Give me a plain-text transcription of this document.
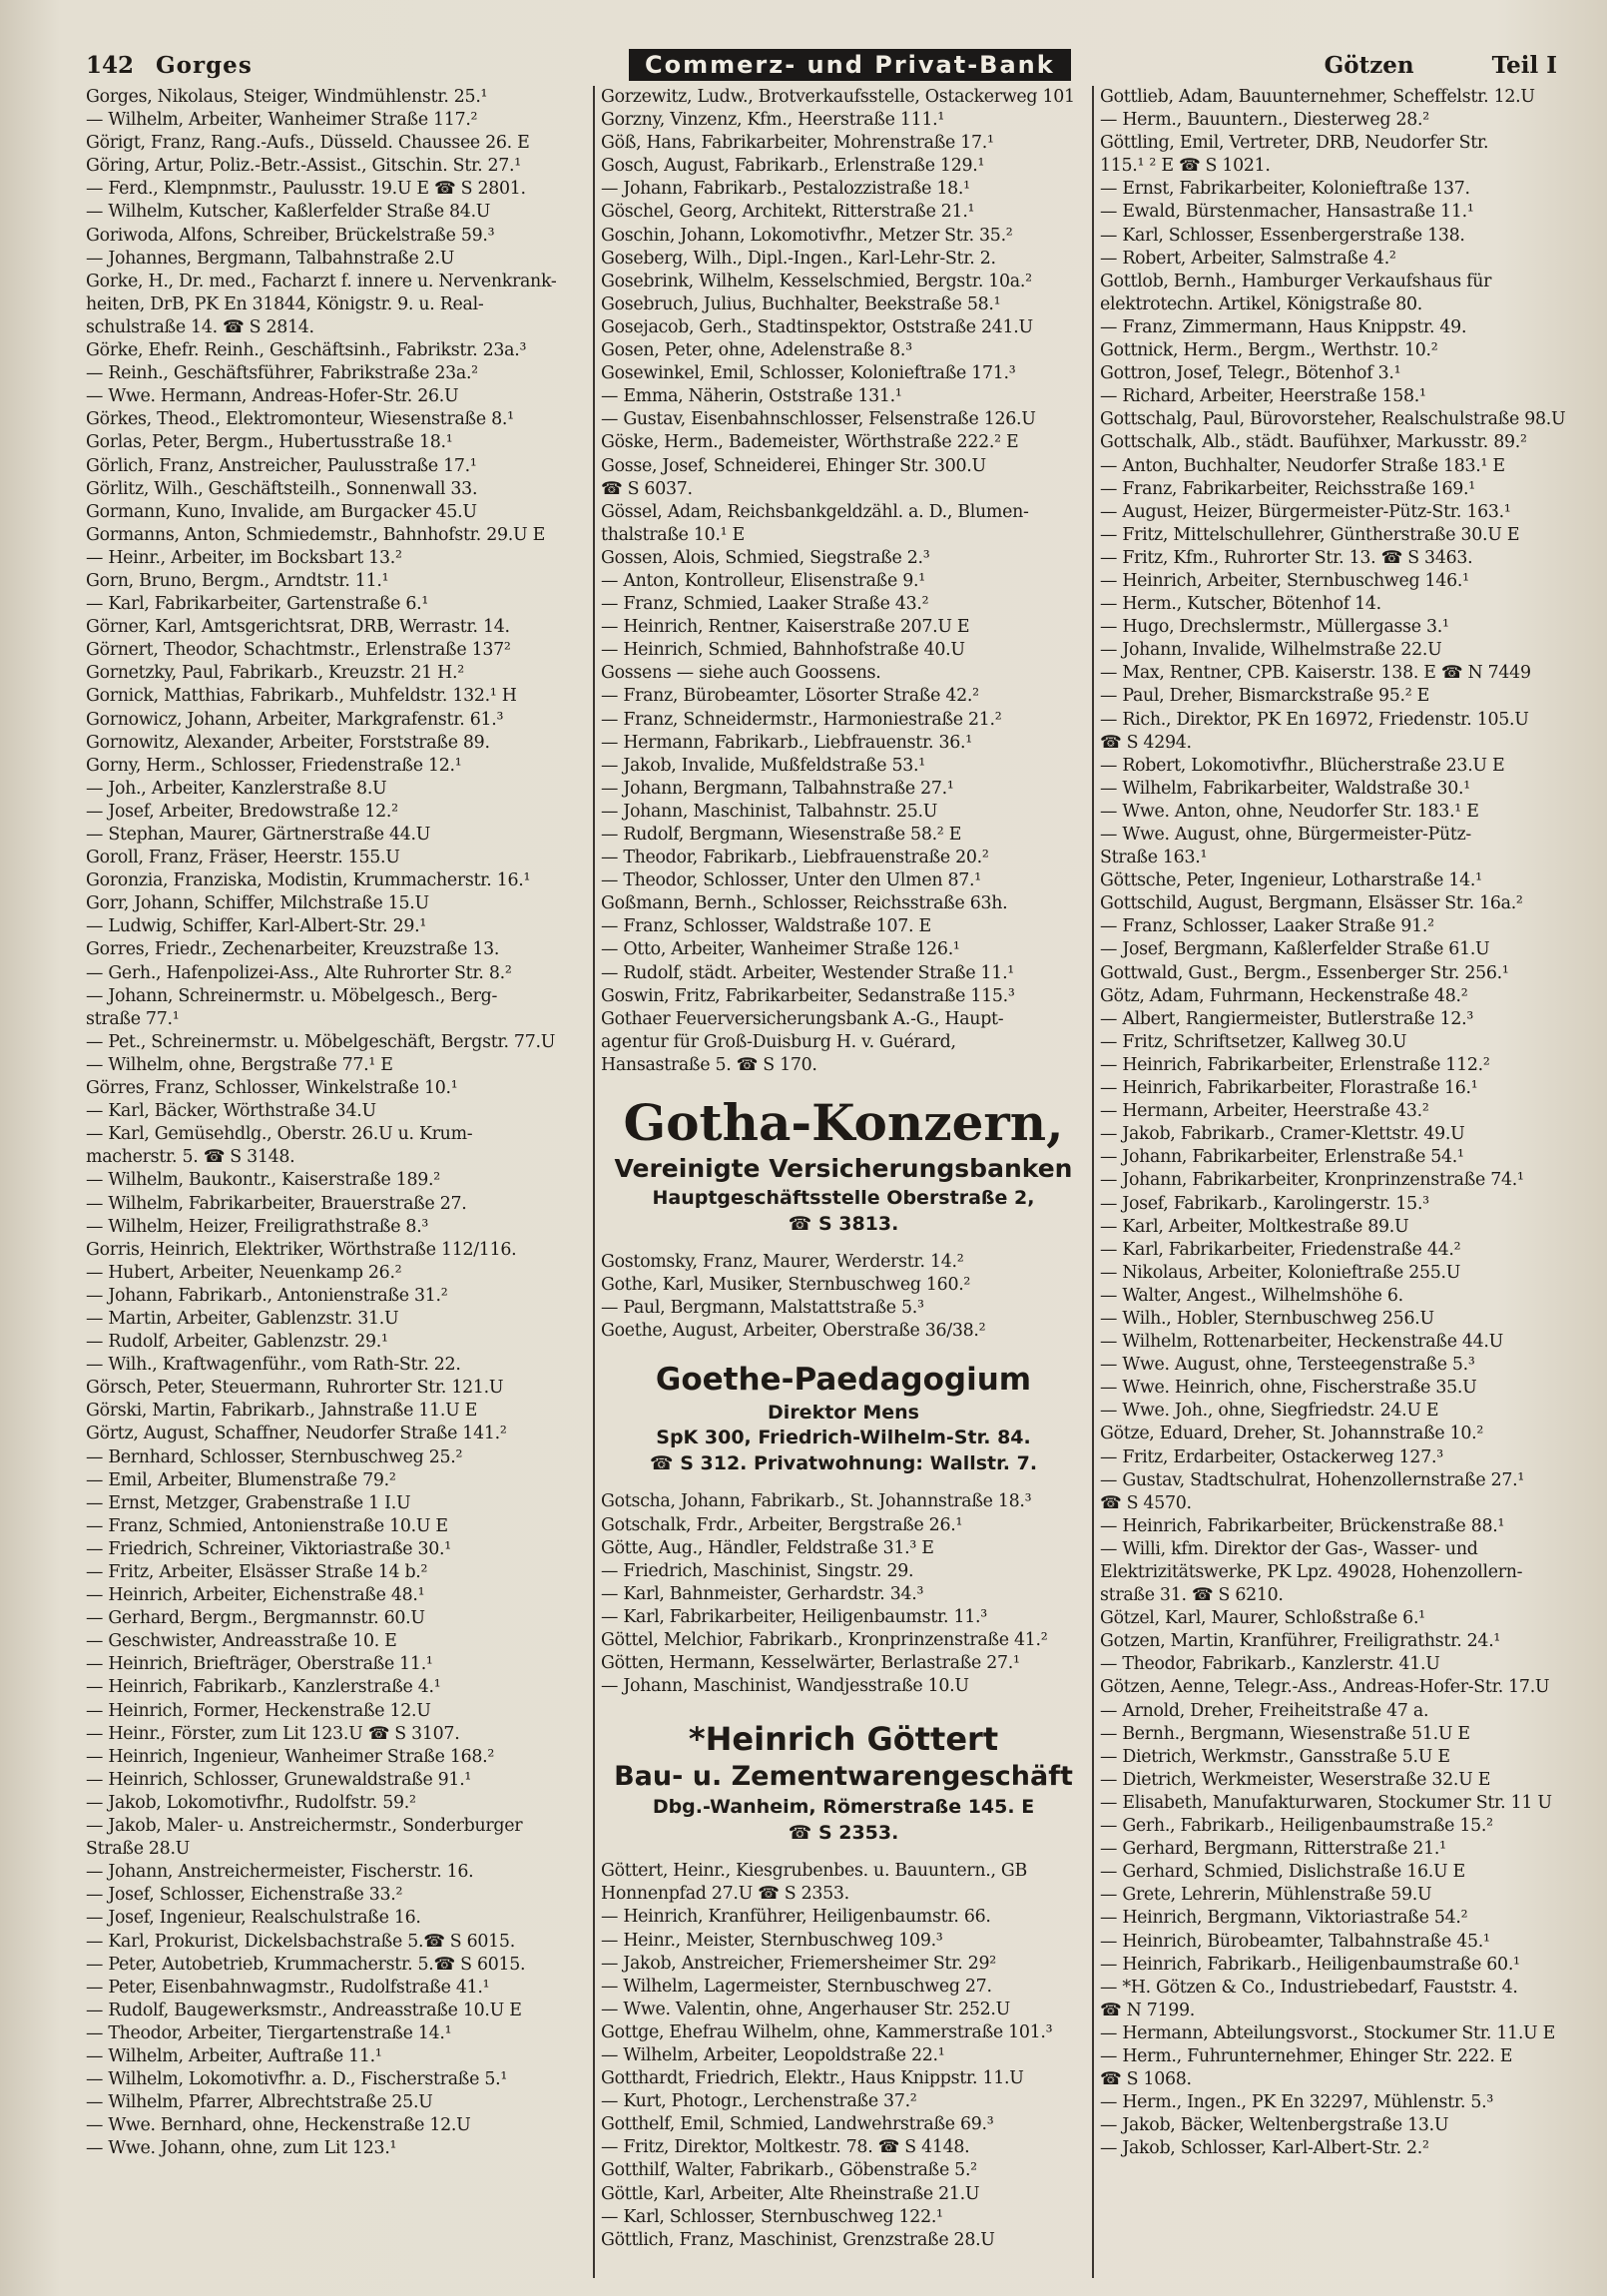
142 Gorges	Commerz- und Privat-Bank	Götzen	Teil I
Gorges, Nikolaus, Steiger, Windmühlenstr. 25.¹
— Wilhelm, Arbeiter, Wanheimer Straße 117.²
Görigt, Franz, Rang.-Aufs., Düsseld. Chaussee 26. E
Göring, Artur, Poliz.-Betr.-Assist., Gitschin. Str. 27.¹
— Ferd., Klempnmstr., Paulusstr. 19.U E ☎ S 2801.
— Wilhelm, Kutscher, Kaßlerfelder Straße 84.U
Goriwoda, Alfons, Schreiber, Brückelstraße 59.³
— Johannes, Bergmann, Talbahnstraße 2.U
Gorke, H., Dr. med., Facharzt f. innere u. Nervenkrank-
heiten, DrB, PK En 31844, Königstr. 9. u. Real-
schulstraße 14. ☎ S 2814.
Görke, Ehefr. Reinh., Geschäftsinh., Fabrikstr. 23a.³
— Reinh., Geschäftsführer, Fabrikstraße 23a.²
— Wwe. Hermann, Andreas-Hofer-Str. 26.U
Görkes, Theod., Elektromonteur, Wiesenstraße 8.¹
Gorlas, Peter, Bergm., Hubertusstraße 18.¹
Görlich, Franz, Anstreicher, Paulusstraße 17.¹
Görlitz, Wilh., Geschäftsteilh., Sonnenwall 33.
Gormann, Kuno, Invalide, am Burgacker 45.U
Gormanns, Anton, Schmiedemstr., Bahnhofstr. 29.U E
— Heinr., Arbeiter, im Bocksbart 13.²
Gorn, Bruno, Bergm., Arndtstr. 11.¹
— Karl, Fabrikarbeiter, Gartenstraße 6.¹
Görner, Karl, Amtsgerichtsrat, DRB, Werrastr. 14.
Görnert, Theodor, Schachtmstr., Erlenstraße 137²
Gornetzky, Paul, Fabrikarb., Kreuzstr. 21 H.²
Gornick, Matthias, Fabrikarb., Muhfeldstr. 132.¹ H
Gornowicz, Johann, Arbeiter, Markgrafenstr. 61.³
Gornowitz, Alexander, Arbeiter, Forststraße 89.
Gorny, Herm., Schlosser, Friedenstraße 12.¹
— Joh., Arbeiter, Kanzlerstraße 8.U
— Josef, Arbeiter, Bredowstraße 12.²
— Stephan, Maurer, Gärtnerstraße 44.U
Goroll, Franz, Fräser, Heerstr. 155.U
Goronzia, Franziska, Modistin, Krummacherstr. 16.¹
Gorr, Johann, Schiffer, Milchstraße 15.U
— Ludwig, Schiffer, Karl-Albert-Str. 29.¹
Gorres, Friedr., Zechenarbeiter, Kreuzstraße 13.
— Gerh., Hafenpolizei-Ass., Alte Ruhrorter Str. 8.²
— Johann, Schreinermstr. u. Möbelgesch., Berg-
straße 77.¹
— Pet., Schreinermstr. u. Möbelgeschäft, Bergstr. 77.U
— Wilhelm, ohne, Bergstraße 77.¹ E
Görres, Franz, Schlosser, Winkelstraße 10.¹
— Karl, Bäcker, Wörthstraße 34.U
— Karl, Gemüsehdlg., Oberstr. 26.U u. Krum-
macherstr. 5. ☎ S 3148.
— Wilhelm, Baukontr., Kaiserstraße 189.²
— Wilhelm, Fabrikarbeiter, Brauerstraße 27.
— Wilhelm, Heizer, Freiligrathstraße 8.³
Gorris, Heinrich, Elektriker, Wörthstraße 112/116.
— Hubert, Arbeiter, Neuenkamp 26.²
— Johann, Fabrikarb., Antonienstraße 31.²
— Martin, Arbeiter, Gablenzstr. 31.U
— Rudolf, Arbeiter, Gablenzstr. 29.¹
— Wilh., Kraftwagenführ., vom Rath-Str. 22.
Görsch, Peter, Steuermann, Ruhrorter Str. 121.U
Görski, Martin, Fabrikarb., Jahnstraße 11.U E
Görtz, August, Schaffner, Neudorfer Straße 141.²
— Bernhard, Schlosser, Sternbuschweg 25.²
— Emil, Arbeiter, Blumenstraße 79.²
— Ernst, Metzger, Grabenstraße 1 I.U
— Franz, Schmied, Antonienstraße 10.U E
— Friedrich, Schreiner, Viktoriastraße 30.¹
— Fritz, Arbeiter, Elsässer Straße 14 b.²
— Heinrich, Arbeiter, Eichenstraße 48.¹
— Gerhard, Bergm., Bergmannstr. 60.U
— Geschwister, Andreasstraße 10. E
— Heinrich, Briefträger, Oberstraße 11.¹
— Heinrich, Fabrikarb., Kanzlerstraße 4.¹
— Heinrich, Former, Heckenstraße 12.U
— Heinr., Förster, zum Lit 123.U ☎ S 3107.
— Heinrich, Ingenieur, Wanheimer Straße 168.²
— Heinrich, Schlosser, Grunewaldstraße 91.¹
— Jakob, Lokomotivfhr., Rudolfstr. 59.²
— Jakob, Maler- u. Anstreichermstr., Sonderburger
Straße 28.U
— Johann, Anstreichermeister, Fischerstr. 16.
— Josef, Schlosser, Eichenstraße 33.²
— Josef, Ingenieur, Realschulstraße 16.
— Karl, Prokurist, Dickelsbachstraße 5.☎ S 6015.
— Peter, Autobetrieb, Krummacherstr. 5.☎ S 6015.
— Peter, Eisenbahnwagmstr., Rudolfstraße 41.¹
— Rudolf, Baugewerksmstr., Andreasstraße 10.U E
— Theodor, Arbeiter, Tiergartenstraße 14.¹
— Wilhelm, Arbeiter, Auftraße 11.¹
— Wilhelm, Lokomotivfhr. a. D., Fischerstraße 5.¹
— Wilhelm, Pfarrer, Albrechtstraße 25.U
— Wwe. Bernhard, ohne, Heckenstraße 12.U
— Wwe. Johann, ohne, zum Lit 123.¹
Gorzewitz, Ludw., Brotverkaufsstelle, Ostackerweg 101
Gorzny, Vinzenz, Kfm., Heerstraße 111.¹
Göß, Hans, Fabrikarbeiter, Mohrenstraße 17.¹
Gosch, August, Fabrikarb., Erlenstraße 129.¹
— Johann, Fabrikarb., Pestalozzistraße 18.¹
Göschel, Georg, Architekt, Ritterstraße 21.¹
Goschin, Johann, Lokomotivfhr., Metzer Str. 35.²
Goseberg, Wilh., Dipl.-Ingen., Karl-Lehr-Str. 2.
Gosebrink, Wilhelm, Kesselschmied, Bergstr. 10a.²
Gosebruch, Julius, Buchhalter, Beekstraße 58.¹
Gosejacob, Gerh., Stadtinspektor, Oststraße 241.U
Gosen, Peter, ohne, Adelenstraße 8.³
Gosewinkel, Emil, Schlosser, Kolonieftraße 171.³
— Emma, Näherin, Oststraße 131.¹
— Gustav, Eisenbahnschlosser, Felsenstraße 126.U
Göske, Herm., Bademeister, Wörthstraße 222.² E
Gosse, Josef, Schneiderei, Ehinger Str. 300.U
☎ S 6037.
Gössel, Adam, Reichsbankgeldzähl. a. D., Blumen-
thalstraße 10.¹ E
Gossen, Alois, Schmied, Siegstraße 2.³
— Anton, Kontrolleur, Elisenstraße 9.¹
— Franz, Schmied, Laaker Straße 43.²
— Heinrich, Rentner, Kaiserstraße 207.U E
— Heinrich, Schmied, Bahnhofstraße 40.U
Gossens — siehe auch Goossens.
— Franz, Bürobeamter, Lösorter Straße 42.²
— Franz, Schneidermstr., Harmoniestraße 21.²
— Hermann, Fabrikarb., Liebfrauenstr. 36.¹
— Jakob, Invalide, Mußfeldstraße 53.¹
— Johann, Bergmann, Talbahnstraße 27.¹
— Johann, Maschinist, Talbahnstr. 25.U
— Rudolf, Bergmann, Wiesenstraße 58.² E
— Theodor, Fabrikarb., Liebfrauenstraße 20.²
— Theodor, Schlosser, Unter den Ulmen 87.¹
Goßmann, Bernh., Schlosser, Reichsstraße 63h.
— Franz, Schlosser, Waldstraße 107. E
— Otto, Arbeiter, Wanheimer Straße 126.¹
— Rudolf, städt. Arbeiter, Westender Straße 11.¹
Goswin, Fritz, Fabrikarbeiter, Sedanstraße 115.³
Gothaer Feuerversicherungsbank A.-G., Haupt-
agentur für Groß-Duisburg H. v. Guérard,
Hansastraße 5. ☎ S 170.
Gotha-Konzern,
Vereinigte Versicherungsbanken
Hauptgeschäftsstelle Oberstraße 2,
☎ S 3813.
Gostomsky, Franz, Maurer, Werderstr. 14.²
Gothe, Karl, Musiker, Sternbuschweg 160.²
— Paul, Bergmann, Malstattstraße 5.³
Goethe, August, Arbeiter, Oberstraße 36/38.²
Goethe-Paedagogium
Direktor Mens
SpK 300, Friedrich-Wilhelm-Str. 84.
☎ S 312. Privatwohnung: Wallstr. 7.
Gotscha, Johann, Fabrikarb., St. Johannstraße 18.³
Gotschalk, Frdr., Arbeiter, Bergstraße 26.¹
Götte, Aug., Händler, Feldstraße 31.³ E
— Friedrich, Maschinist, Singstr. 29.
— Karl, Bahnmeister, Gerhardstr. 34.³
— Karl, Fabrikarbeiter, Heiligenbaumstr. 11.³
Göttel, Melchior, Fabrikarb., Kronprinzenstraße 41.²
Götten, Hermann, Kesselwärter, Berlastraße 27.¹
— Johann, Maschinist, Wandjesstraße 10.U
*Heinrich Göttert
Bau- u. Zementwarengeschäft
Dbg.-Wanheim, Römerstraße 145. E
☎ S 2353.
Göttert, Heinr., Kiesgrubenbes. u. Bauuntern., GB
Honnenpfad 27.U ☎ S 2353.
— Heinrich, Kranführer, Heiligenbaumstr. 66.
— Heinr., Meister, Sternbuschweg 109.³
— Jakob, Anstreicher, Friemersheimer Str. 29²
— Wilhelm, Lagermeister, Sternbuschweg 27.
— Wwe. Valentin, ohne, Angerhauser Str. 252.U
Gottge, Ehefrau Wilhelm, ohne, Kammerstraße 101.³
— Wilhelm, Arbeiter, Leopoldstraße 22.¹
Gotthardt, Friedrich, Elektr., Haus Knippstr. 11.U
— Kurt, Photogr., Lerchenstraße 37.²
Gotthelf, Emil, Schmied, Landwehrstraße 69.³
— Fritz, Direktor, Moltkestr. 78. ☎ S 4148.
Gotthilf, Walter, Fabrikarb., Göbenstraße 5.²
Göttle, Karl, Arbeiter, Alte Rheinstraße 21.U
— Karl, Schlosser, Sternbuschweg 122.¹
Göttlich, Franz, Maschinist, Grenzstraße 28.U
Gottlieb, Adam, Bauunternehmer, Scheffelstr. 12.U
— Herm., Bauuntern., Diesterweg 28.²
Göttling, Emil, Vertreter, DRB, Neudorfer Str.
115.¹ ² E ☎ S 1021.
— Ernst, Fabrikarbeiter, Kolonieftraße 137.
— Ewald, Bürstenmacher, Hansastraße 11.¹
— Karl, Schlosser, Essenbergerstraße 138.
— Robert, Arbeiter, Salmstraße 4.²
Gottlob, Bernh., Hamburger Verkaufshaus für
elektrotechn. Artikel, Königstraße 80.
— Franz, Zimmermann, Haus Knippstr. 49.
Gottnick, Herm., Bergm., Werthstr. 10.²
Gottron, Josef, Telegr., Bötenhof 3.¹
— Richard, Arbeiter, Heerstraße 158.¹
Gottschalg, Paul, Bürovorsteher, Realschulstraße 98.U
Gottschalk, Alb., städt. Baufühxer, Markusstr. 89.²
— Anton, Buchhalter, Neudorfer Straße 183.¹ E
— Franz, Fabrikarbeiter, Reichsstraße 169.¹
— August, Heizer, Bürgermeister-Pütz-Str. 163.¹
— Fritz, Mittelschullehrer, Güntherstraße 30.U E
— Fritz, Kfm., Ruhrorter Str. 13. ☎ S 3463.
— Heinrich, Arbeiter, Sternbuschweg 146.¹
— Herm., Kutscher, Bötenhof 14.
— Hugo, Drechslermstr., Müllergasse 3.¹
— Johann, Invalide, Wilhelmstraße 22.U
— Max, Rentner, CPB. Kaiserstr. 138. E ☎ N 7449
— Paul, Dreher, Bismarckstraße 95.² E
— Rich., Direktor, PK En 16972, Friedenstr. 105.U
☎ S 4294.
— Robert, Lokomotivfhr., Blücherstraße 23.U E
— Wilhelm, Fabrikarbeiter, Waldstraße 30.¹
— Wwe. Anton, ohne, Neudorfer Str. 183.¹ E
— Wwe. August, ohne, Bürgermeister-Pütz-
Straße 163.¹
Göttsche, Peter, Ingenieur, Lotharstraße 14.¹
Gottschild, August, Bergmann, Elsässer Str. 16a.²
— Franz, Schlosser, Laaker Straße 91.²
— Josef, Bergmann, Kaßlerfelder Straße 61.U
Gottwald, Gust., Bergm., Essenberger Str. 256.¹
Götz, Adam, Fuhrmann, Heckenstraße 48.²
— Albert, Rangiermeister, Butlerstraße 12.³
— Fritz, Schriftsetzer, Kallweg 30.U
— Heinrich, Fabrikarbeiter, Erlenstraße 112.²
— Heinrich, Fabrikarbeiter, Florastraße 16.¹
— Hermann, Arbeiter, Heerstraße 43.²
— Jakob, Fabrikarb., Cramer-Klettstr. 49.U
— Johann, Fabrikarbeiter, Erlenstraße 54.¹
— Johann, Fabrikarbeiter, Kronprinzenstraße 74.¹
— Josef, Fabrikarb., Karolingerstr. 15.³
— Karl, Arbeiter, Moltkestraße 89.U
— Karl, Fabrikarbeiter, Friedenstraße 44.²
— Nikolaus, Arbeiter, Kolonieftraße 255.U
— Walter, Angest., Wilhelmshöhe 6.
— Wilh., Hobler, Sternbuschweg 256.U
— Wilhelm, Rottenarbeiter, Heckenstraße 44.U
— Wwe. August, ohne, Tersteegenstraße 5.³
— Wwe. Heinrich, ohne, Fischerstraße 35.U
— Wwe. Joh., ohne, Siegfriedstr. 24.U E
Götze, Eduard, Dreher, St. Johannstraße 10.²
— Fritz, Erdarbeiter, Ostackerweg 127.³
— Gustav, Stadtschulrat, Hohenzollernstraße 27.¹
☎ S 4570.
— Heinrich, Fabrikarbeiter, Brückenstraße 88.¹
— Willi, kfm. Direktor der Gas-, Wasser- und
Elektrizitätswerke, PK Lpz. 49028, Hohenzollern-
straße 31. ☎ S 6210.
Götzel, Karl, Maurer, Schloßstraße 6.¹
Gotzen, Martin, Kranführer, Freiligrathstr. 24.¹
— Theodor, Fabrikarb., Kanzlerstr. 41.U
Götzen, Aenne, Telegr.-Ass., Andreas-Hofer-Str. 17.U
— Arnold, Dreher, Freiheitstraße 47 a.
— Bernh., Bergmann, Wiesenstraße 51.U E
— Dietrich, Werkmstr., Gansstraße 5.U E
— Dietrich, Werkmeister, Weserstraße 32.U E
— Elisabeth, Manufakturwaren, Stockumer Str. 11 U
— Gerh., Fabrikarb., Heiligenbaumstraße 15.²
— Gerhard, Bergmann, Ritterstraße 21.¹
— Gerhard, Schmied, Dislichstraße 16.U E
— Grete, Lehrerin, Mühlenstraße 59.U
— Heinrich, Bergmann, Viktoriastraße 54.²
— Heinrich, Bürobeamter, Talbahnstraße 45.¹
— Heinrich, Fabrikarb., Heiligenbaumstraße 60.¹
— *H. Götzen & Co., Industriebedarf, Fauststr. 4.
☎ N 7199.
— Hermann, Abteilungsvorst., Stockumer Str. 11.U E
— Herm., Fuhrunternehmer, Ehinger Str. 222. E
☎ S 1068.
— Herm., Ingen., PK En 32297, Mühlenstr. 5.³
— Jakob, Bäcker, Weltenbergstraße 13.U
— Jakob, Schlosser, Karl-Albert-Str. 2.²
